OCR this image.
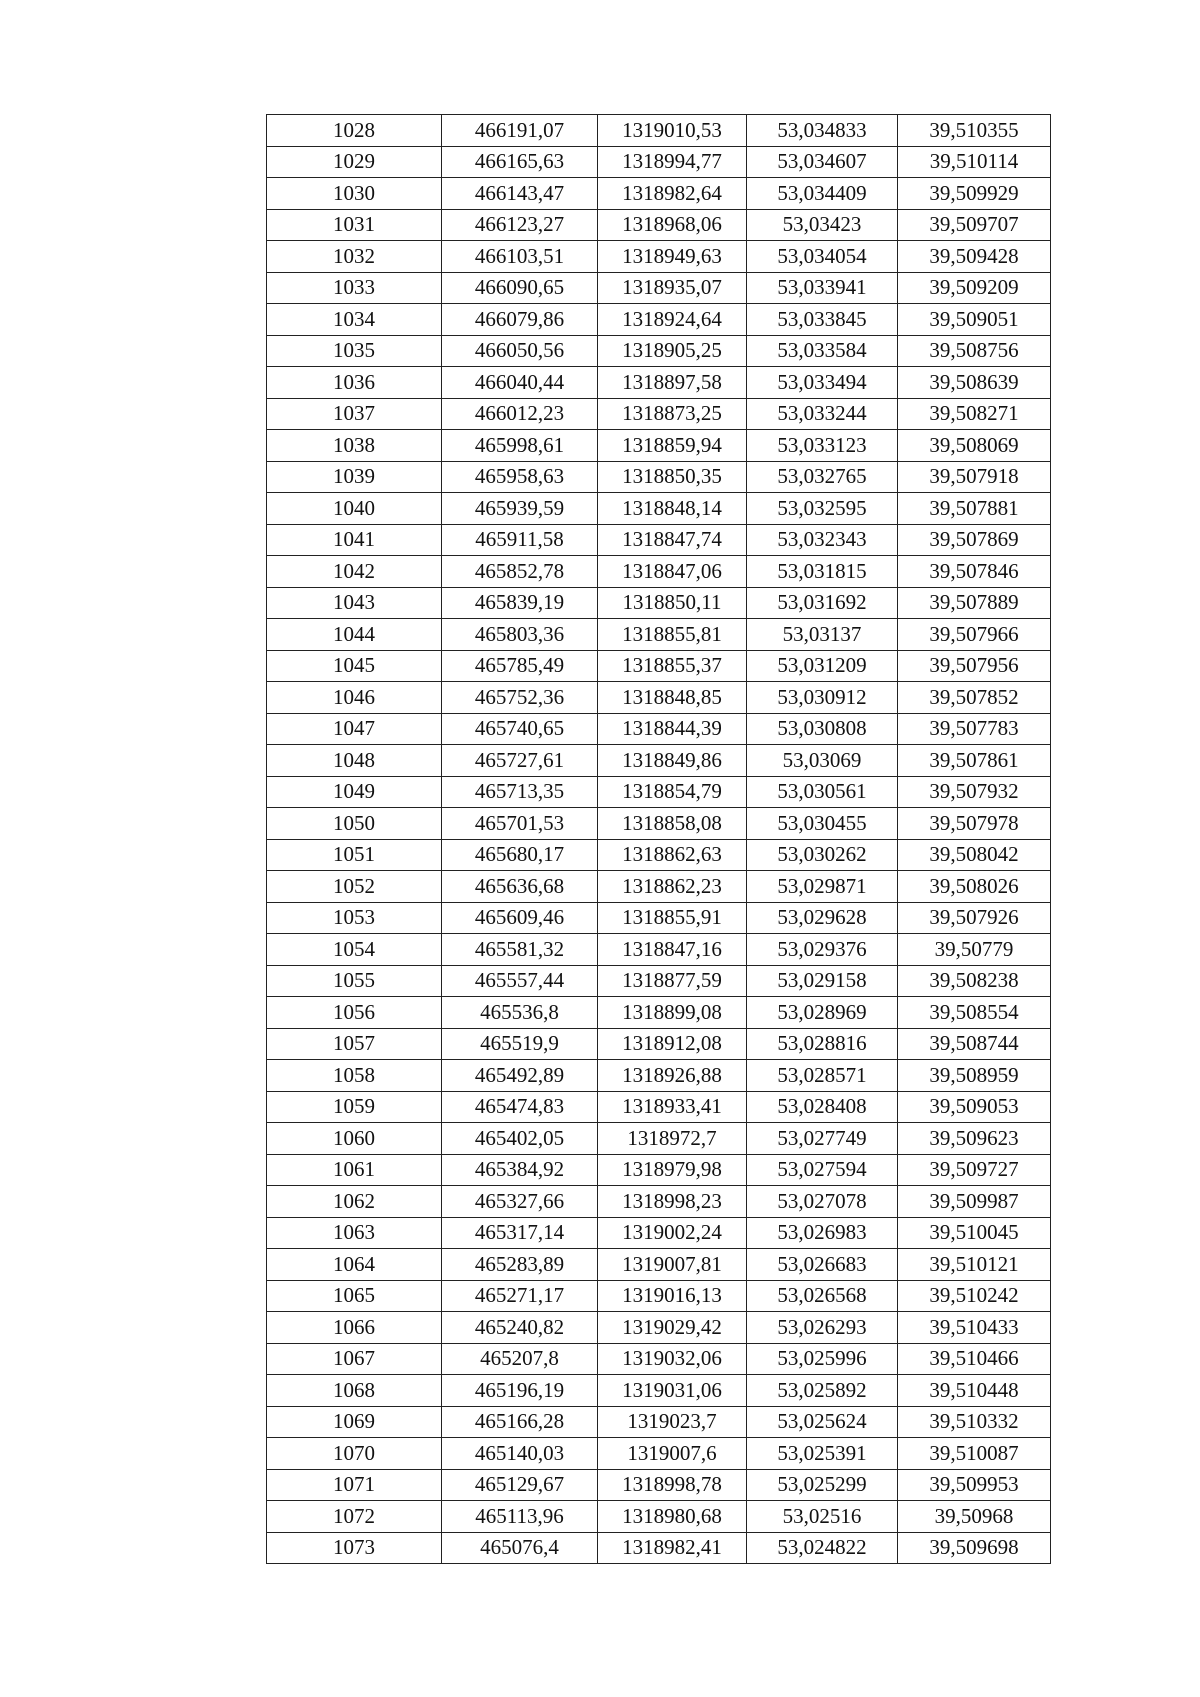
1028	466191,07	1319010,53	53,034833	39,510355
1029	466165,63	1318994,77	53,034607	39,510114
1030	466143,47	1318982,64	53,034409	39,509929
1031	466123,27	1318968,06	53,03423	39,509707
1032	466103,51	1318949,63	53,034054	39,509428
1033	466090,65	1318935,07	53,033941	39,509209
1034	466079,86	1318924,64	53,033845	39,509051
1035	466050,56	1318905,25	53,033584	39,508756
1036	466040,44	1318897,58	53,033494	39,508639
1037	466012,23	1318873,25	53,033244	39,508271
1038	465998,61	1318859,94	53,033123	39,508069
1039	465958,63	1318850,35	53,032765	39,507918
1040	465939,59	1318848,14	53,032595	39,507881
1041	465911,58	1318847,74	53,032343	39,507869
1042	465852,78	1318847,06	53,031815	39,507846
1043	465839,19	1318850,11	53,031692	39,507889
1044	465803,36	1318855,81	53,03137	39,507966
1045	465785,49	1318855,37	53,031209	39,507956
1046	465752,36	1318848,85	53,030912	39,507852
1047	465740,65	1318844,39	53,030808	39,507783
1048	465727,61	1318849,86	53,03069	39,507861
1049	465713,35	1318854,79	53,030561	39,507932
1050	465701,53	1318858,08	53,030455	39,507978
1051	465680,17	1318862,63	53,030262	39,508042
1052	465636,68	1318862,23	53,029871	39,508026
1053	465609,46	1318855,91	53,029628	39,507926
1054	465581,32	1318847,16	53,029376	39,50779
1055	465557,44	1318877,59	53,029158	39,508238
1056	465536,8	1318899,08	53,028969	39,508554
1057	465519,9	1318912,08	53,028816	39,508744
1058	465492,89	1318926,88	53,028571	39,508959
1059	465474,83	1318933,41	53,028408	39,509053
1060	465402,05	1318972,7	53,027749	39,509623
1061	465384,92	1318979,98	53,027594	39,509727
1062	465327,66	1318998,23	53,027078	39,509987
1063	465317,14	1319002,24	53,026983	39,510045
1064	465283,89	1319007,81	53,026683	39,510121
1065	465271,17	1319016,13	53,026568	39,510242
1066	465240,82	1319029,42	53,026293	39,510433
1067	465207,8	1319032,06	53,025996	39,510466
1068	465196,19	1319031,06	53,025892	39,510448
1069	465166,28	1319023,7	53,025624	39,510332
1070	465140,03	1319007,6	53,025391	39,510087
1071	465129,67	1318998,78	53,025299	39,509953
1072	465113,96	1318980,68	53,02516	39,50968
1073	465076,4	1318982,41	53,024822	39,509698
